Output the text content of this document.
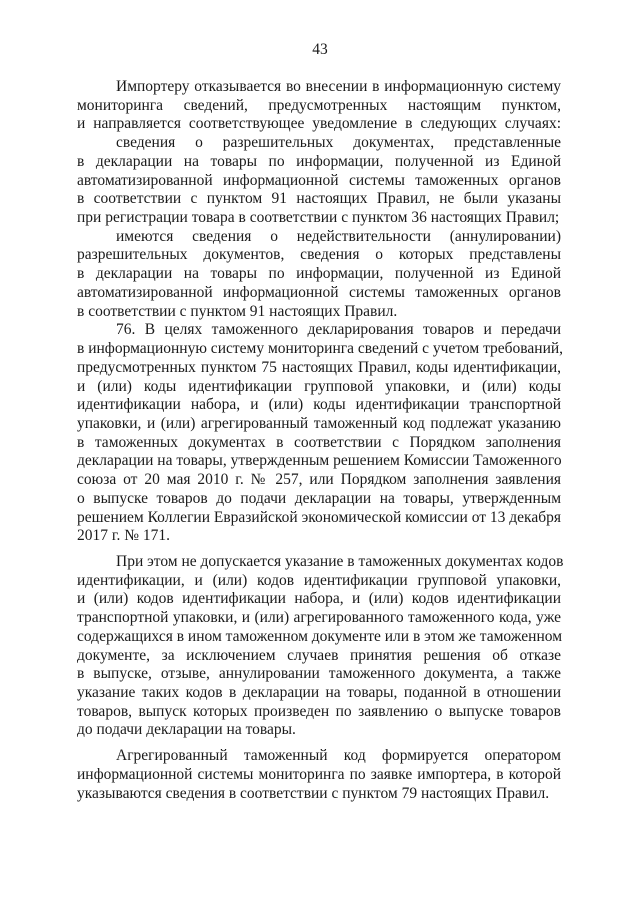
43
Импортеру отказывается во внесении в информационную систему
мониторинга сведений, предусмотренных настоящим пунктом,
и направляется соответствующее уведомление в следующих случаях:
сведения о разрешительных документах, представленные
в декларации на товары по информации, полученной из Единой
автоматизированной информационной системы таможенных органов
в соответствии с пунктом 91 настоящих Правил, не были указаны
при регистрации товара в соответствии с пунктом 36 настоящих Правил;
имеются сведения о недействительности (аннулировании)
разрешительных документов, сведения о которых представлены
в декларации на товары по информации, полученной из Единой
автоматизированной информационной системы таможенных органов
в соответствии с пунктом 91 настоящих Правил.
76. В целях таможенного декларирования товаров и передачи
в информационную систему мониторинга сведений с учетом требований,
предусмотренных пунктом 75 настоящих Правил, коды идентификации,
и (или) коды идентификации групповой упаковки, и (или) коды
идентификации набора, и (или) коды идентификации транспортной
упаковки, и (или) агрегированный таможенный код подлежат указанию
в таможенных документах в соответствии с Порядком заполнения
декларации на товары, утвержденным решением Комиссии Таможенного
союза от 20 мая 2010 г. № 257, или Порядком заполнения заявления
о выпуске товаров до подачи декларации на товары, утвержденным
решением Коллегии Евразийской экономической комиссии от 13 декабря
2017 г. № 171.
При этом не допускается указание в таможенных документах кодов
идентификации, и (или) кодов идентификации групповой упаковки,
и (или) кодов идентификации набора, и (или) кодов идентификации
транспортной упаковки, и (или) агрегированного таможенного кода, уже
содержащихся в ином таможенном документе или в этом же таможенном
документе, за исключением случаев принятия решения об отказе
в выпуске, отзыве, аннулировании таможенного документа, а также
указание таких кодов в декларации на товары, поданной в отношении
товаров, выпуск которых произведен по заявлению о выпуске товаров
до подачи декларации на товары.
Агрегированный таможенный код формируется оператором
информационной системы мониторинга по заявке импортера, в которой
указываются сведения в соответствии с пунктом 79 настоящих Правил.
